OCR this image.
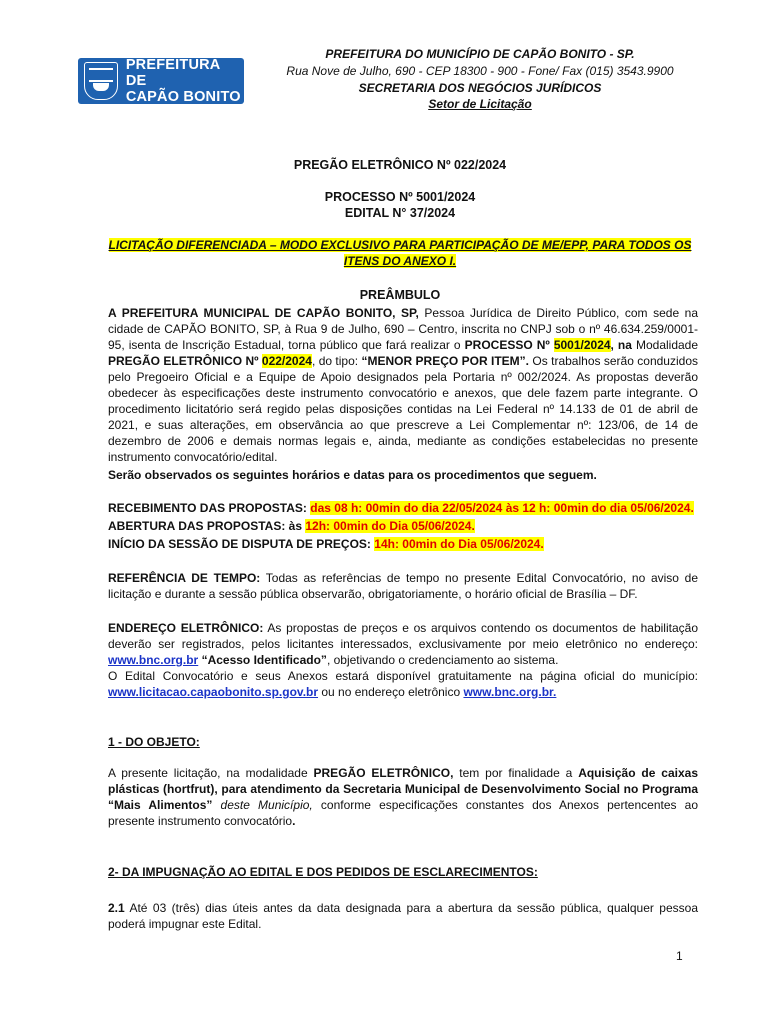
PREFEITURA DE
CAPÃO BONITO
PREFEITURA DO MUNICÍPIO DE CAPÃO BONITO - SP.
Rua Nove de Julho, 690 - CEP 18300 - 900 - Fone/ Fax (015) 3543.9900
SECRETARIA DOS NEGÓCIOS JURÍDICOS
Setor de Licitação
PREGÃO ELETRÔNICO Nº 022/2024
PROCESSO Nº 5001/2024
EDITAL N° 37/2024
LICITAÇÃO DIFERENCIADA – MODO EXCLUSIVO PARA PARTICIPAÇÃO DE ME/EPP, PARA TODOS OS
ITENS DO ANEXO I.
PREÂMBULO
A PREFEITURA MUNICIPAL DE CAPÃO BONITO, SP, Pessoa Jurídica de Direito Público, com sede na cidade de CAPÃO BONITO, SP, à Rua 9 de Julho, 690 – Centro, inscrita no CNPJ sob o nº 46.634.259/0001-95, isenta de Inscrição Estadual, torna público que fará realizar o PROCESSO Nº 5001/2024, na Modalidade PREGÃO ELETRÔNICO Nº 022/2024, do tipo: “MENOR PREÇO POR ITEM”. Os trabalhos serão conduzidos pelo Pregoeiro Oficial e a Equipe de Apoio designados pela Portaria nº 002/2024. As propostas deverão obedecer às especificações deste instrumento convocatório e anexos, que dele fazem parte integrante. O procedimento licitatório será regido pelas disposições contidas na Lei Federal nº 14.133 de 01 de abril de 2021, e suas alterações, em observância ao que prescreve a Lei Complementar nº: 123/06, de 14 de dezembro de 2006 e demais normas legais e, ainda, mediante as condições estabelecidas no presente instrumento convocatório/edital.
Serão observados os seguintes horários e datas para os procedimentos que seguem.
RECEBIMENTO DAS PROPOSTAS: das 08 h: 00min do dia 22/05/2024 às 12 h: 00min do dia 05/06/2024.
ABERTURA DAS PROPOSTAS: às 12h: 00min do Dia 05/06/2024.
INÍCIO DA SESSÃO DE DISPUTA DE PREÇOS: 14h: 00min do Dia 05/06/2024.
REFERÊNCIA DE TEMPO: Todas as referências de tempo no presente Edital Convocatório, no aviso de licitação e durante a sessão pública observarão, obrigatoriamente, o horário oficial de Brasília – DF.
ENDEREÇO ELETRÔNICO: As propostas de preços e os arquivos contendo os documentos de habilitação deverão ser registrados, pelos licitantes interessados, exclusivamente por meio eletrônico no endereço: www.bnc.org.br “Acesso Identificado”, objetivando o credenciamento ao sistema.
O Edital Convocatório e seus Anexos estará disponível gratuitamente na página oficial do município: www.licitacao.capaobonito.sp.gov.br ou no endereço eletrônico www.bnc.org.br.
1 - DO OBJETO:
A presente licitação, na modalidade PREGÃO ELETRÔNICO, tem por finalidade a Aquisição de caixas plásticas (hortfrut), para atendimento da Secretaria Municipal de Desenvolvimento Social no Programa “Mais Alimentos” deste Município, conforme especificações constantes dos Anexos pertencentes ao presente instrumento convocatório.
2- DA IMPUGNAÇÃO AO EDITAL E DOS PEDIDOS DE ESCLARECIMENTOS:
2.1 Até 03 (três) dias úteis antes da data designada para a abertura da sessão pública, qualquer pessoa poderá impugnar este Edital.
1
